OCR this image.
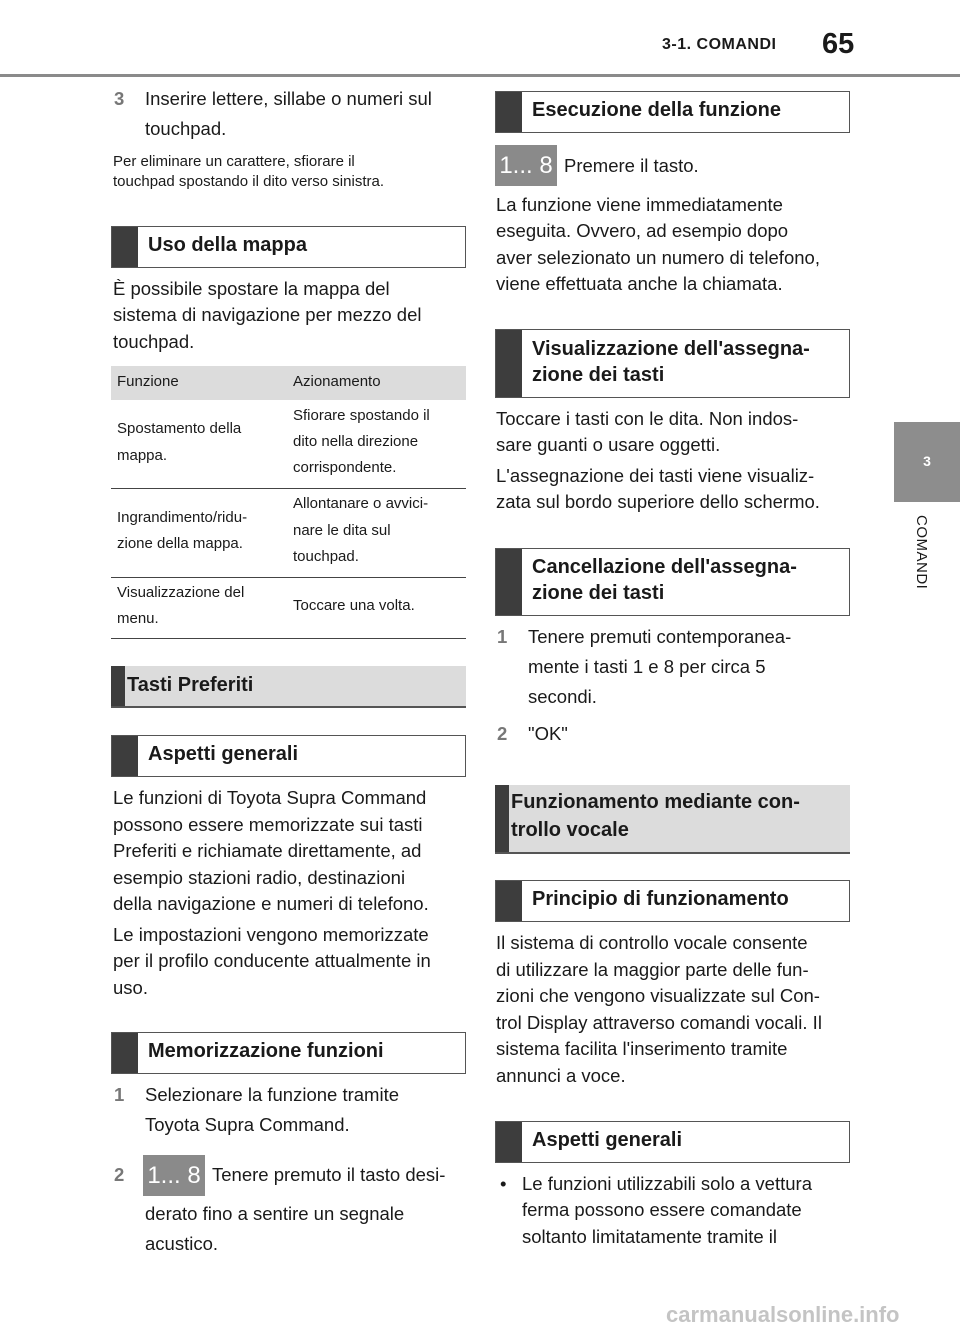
3-1. COMANDI 65
3
COMANDI
3 Inserire lettere, sillabe o numeri sul
touchpad.
Per eliminare un carattere, sfiorare il
touchpad spostando il dito verso sinistra.
Uso della mappa
È possibile spostare la mappa del
sistema di navigazione per mezzo del
touchpad.
Funzione	Azionamento
Spostamento della
mappa.
Sfiorare spostando il
dito nella direzione
corrispondente.
Ingrandimento/ridu-
zione della mappa.
Allontanare o avvici-
nare le dita sul
touchpad.
Visualizzazione del
menu.
Toccare una volta.
Tasti Preferiti
Aspetti generali
Le funzioni di Toyota Supra Command
possono essere memorizzate sui tasti
Preferiti e richiamate direttamente, ad
esempio stazioni radio, destinazioni
della navigazione e numeri di telefono.
Le impostazioni vengono memorizzate
per il profilo conducente attualmente in
uso.
Memorizzazione funzioni
1 Selezionare la funzione tramite
Toyota Supra Command.
2 1... 8 Tenere premuto il tasto desi-
derato fino a sentire un segnale
acustico.
Esecuzione della funzione
1... 8 Premere il tasto.
La funzione viene immediatamente
eseguita. Ovvero, ad esempio dopo
aver selezionato un numero di telefono,
viene effettuata anche la chiamata.
Visualizzazione dell'assegna-
zione dei tasti
Toccare i tasti con le dita. Non indos-
sare guanti o usare oggetti.
L'assegnazione dei tasti viene visualiz-
zata sul bordo superiore dello schermo.
Cancellazione dell'assegna-
zione dei tasti
1 Tenere premuti contemporanea-
mente i tasti 1 e 8 per circa 5
secondi.
2 "OK"
Funzionamento mediante con-
trollo vocale
Principio di funzionamento
Il sistema di controllo vocale consente
di utilizzare la maggior parte delle fun-
zioni che vengono visualizzate sul Con-
trol Display attraverso comandi vocali. Il
sistema facilita l'inserimento tramite
annunci a voce.
Aspetti generali
• Le funzioni utilizzabili solo a vettura
ferma possono essere comandate
soltanto limitatamente tramite il
carmanualsonline.info
